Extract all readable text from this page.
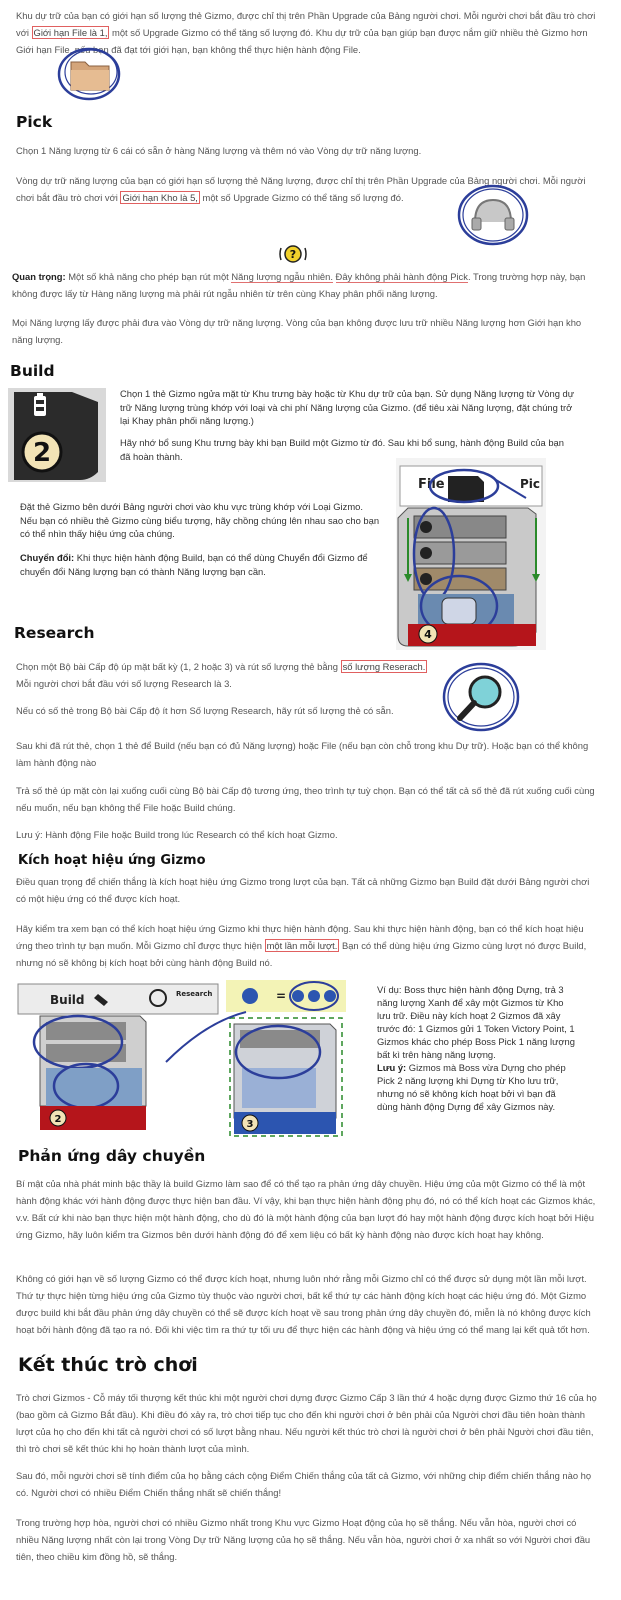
Khu dự trữ của bạn có giới hạn số lượng thẻ Gizmo, được chỉ thị trên Phần Upgrade của Bảng người chơi. Mỗi người chơi bắt đầu trò chơi với Giới hạn File là 1, một số Upgrade Gizmo có thể tăng số lượng đó. Khu dự trữ của bạn giúp bạn được nắm giữ nhiều thẻ Gizmo hơn Giới hạn File, nếu bạn đã đạt tới giới hạn, bạn không thể thực hiện hành động File.

Pick

Chọn 1 Năng lượng từ 6 cái có sẵn ở hàng Năng lượng và thêm nó vào Vòng dự trữ năng lượng.

Vòng dự trữ năng lượng của bạn có giới hạn số lượng thẻ Năng lượng, được chỉ thị trên Phần Upgrade của Bảng người chơi. Mỗi người chơi bắt đầu trò chơi với Giới hạn Kho là 5, một số Upgrade Gizmo có thể tăng số lượng đó.

?

Quan trọng: Một số khả năng cho phép bạn rút một Năng lượng ngẫu nhiên. Đây không phải hành động Pick. Trong trường hợp này, bạn không được lấy từ Hàng năng lượng mà phải rút ngẫu nhiên từ trên cùng Khay phân phối năng lượng.

Mọi Năng lượng lấy được phải đưa vào Vòng dự trữ năng lượng. Vòng của bạn không được lưu trữ nhiều Năng lượng hơn Giới hạn kho năng lượng.

Build
2

Chọn 1 thẻ Gizmo ngửa mặt từ Khu trưng bày hoặc từ Khu dự trữ của bạn. Sử dụng Năng lượng từ Vòng dự trữ Năng lượng trùng khớp với loại và chi phí Năng lượng của Gizmo. (để tiêu xài Năng lượng, đặt chúng trở lại Khay phân phối năng lượng.)

Hãy nhớ bổ sung Khu trưng bày khi bạn Build một Gizmo từ đó. Sau khi bổ sung, hành động Build của bạn đã hoàn thành.

File	Pic
4

Đặt thẻ Gizmo bên dưới Bảng người chơi vào khu vực trùng khớp với Loại Gizmo. Nếu bạn có nhiều thẻ Gizmo cùng biểu tượng, hãy chồng chúng lên nhau sao cho bạn có thể nhìn thấy hiệu ứng của chúng.

Chuyển đổi: Khi thực hiện hành động Build, bạn có thể dùng Chuyển đổi Gizmo để chuyển đổi Năng lượng bạn có thành Năng lượng bạn cần.

Research

Chọn một Bộ bài Cấp độ úp mặt bất kỳ (1, 2 hoặc 3) và rút số lượng thẻ bằng số lượng Reserach.
Mỗi người chơi bắt đầu với số lượng Research là 3.

Nếu có số thẻ trong Bộ bài Cấp độ ít hơn Số lượng Research, hãy rút số lượng thẻ có sẵn.

Sau khi đã rút thẻ, chọn 1 thẻ để Build (nếu bạn có đủ Năng lượng) hoặc File (nếu bạn còn chỗ trong khu Dự trữ). Hoặc bạn có thể không làm hành động nào

Trả số thẻ úp mặt còn lại xuống cuối cùng Bộ bài Cấp độ tương ứng, theo trình tự tuỳ chọn. Bạn có thể tất cả số thẻ đã rút xuống cuối cùng nếu muốn, nếu bạn không thể File hoặc Build chúng.

Lưu ý: Hành động File hoặc Build trong lúc Research có thể kích hoạt Gizmo.

Kích hoạt hiệu ứng Gizmo

Điều quan trọng để chiến thắng là kích hoạt hiệu ứng Gizmo trong lượt của bạn. Tất cả những Gizmo bạn Build đặt dưới Bảng người chơi có một hiệu ứng có thể được kích hoạt.

Hãy kiểm tra xem bạn có thể kích hoạt hiệu ứng Gizmo khi thực hiện hành động. Sau khi thực hiện hành động, bạn có thể kích hoạt hiệu ứng theo trình tự bạn muốn. Mỗi Gizmo chỉ được thực hiện một lần mỗi lượt. Bạn có thể dùng hiệu ứng Gizmo cùng lượt nó được Build, nhưng nó sẽ không bị kích hoạt bởi cùng hành động Build nó.

Build	Research
2
=
3

Ví dụ: Boss thực hiện hành động Dựng, trả 3 năng lượng Xanh để xây một Gizmos từ Kho lưu trữ. Điều này kích hoạt 2 Gizmos đã xây trước đó: 1 Gizmos gửi 1 Token Victory Point, 1 Gizmos khác cho phép Boss Pick 1 năng lượng bất kì trên hàng năng lượng.

Lưu ý: Gizmos mà Boss vừa Dựng cho phép Pick 2 năng lượng khi Dựng từ Kho lưu trữ, nhưng nó sẽ không kích hoạt bởi vì bạn đã dùng hành động Dựng để xây Gizmos này.

Phản ứng dây chuyền

Bí mật của nhà phát minh bậc thầy là build Gizmo làm sao để có thể tạo ra phản ứng dây chuyền. Hiệu ứng của một Gizmo có thể là một hành động khác với hành động được thực hiện ban đầu. Ví vậy, khi bạn thực hiện hành động phụ đó, nó có thể kích hoạt các Gizmos khác, v.v. Bất cứ khi nào bạn thực hiện một hành động, cho dù đó là một hành động của bạn lượt đó hay một hành động được kích hoạt bởi Hiệu ứng Gizmo, hãy luôn kiểm tra Gizmos bên dưới hành động đó để xem liệu có bất kỳ hành động nào được kích hoạt hay không.

Không có giới hạn về số lượng Gizmo có thể được kích hoạt, nhưng luôn nhớ rằng mỗi Gizmo chỉ có thể được sử dụng một lần mỗi lượt. Thứ tự thực hiện từng hiệu ứng của Gizmo tùy thuộc vào người chơi, bất kể thứ tự các hành động kích hoạt các hiệu ứng đó. Một Gizmo được build khi bắt đầu phản ứng dây chuyền có thể sẽ được kích hoạt về sau trong phản ứng dây chuyền đó, miễn là nó không được kích hoạt bởi hành động đã tạo ra nó. Đối khi việc tìm ra thứ tự tối ưu để thực hiện các hành động và hiệu ứng có thể mang lại kết quả tốt hơn.

Kết thúc trò chơi

Trò chơi Gizmos - Cỗ máy tối thượng kết thúc khi một người chơi dựng được Gizmo Cấp 3 lần thứ 4 hoặc dựng được Gizmo thứ 16 của họ (bao gồm cả Gizmo Bắt đầu). Khi điều đó xảy ra, trò chơi tiếp tục cho đến khi người chơi ở bên phải của Người chơi đầu tiên hoàn thành lượt của họ cho đến khi tất cả người chơi có số lượt bằng nhau. Nếu người kết thúc trò chơi là người chơi ở bên phải Người chơi đầu tiên, thì trò chơi sẽ kết thúc khi họ hoàn thành lượt của mình.

Sau đó, mỗi người chơi sẽ tính điểm của họ bằng cách cộng Điểm Chiến thắng của tất cả Gizmo, với những chip điểm chiến thắng nào họ có. Người chơi có nhiều Điểm Chiến thắng nhất sẽ chiến thắng!

Trong trường hợp hòa, người chơi có nhiều Gizmo nhất trong Khu vực Gizmo Hoạt động của họ sẽ thắng. Nếu vẫn hòa, người chơi có nhiều Năng lượng nhất còn lại trong Vòng Dự trữ Năng lượng của họ sẽ thắng. Nếu vẫn hòa, người chơi ở xa nhất so với Người chơi đầu tiên, theo chiều kim đồng hồ, sẽ thắng.
